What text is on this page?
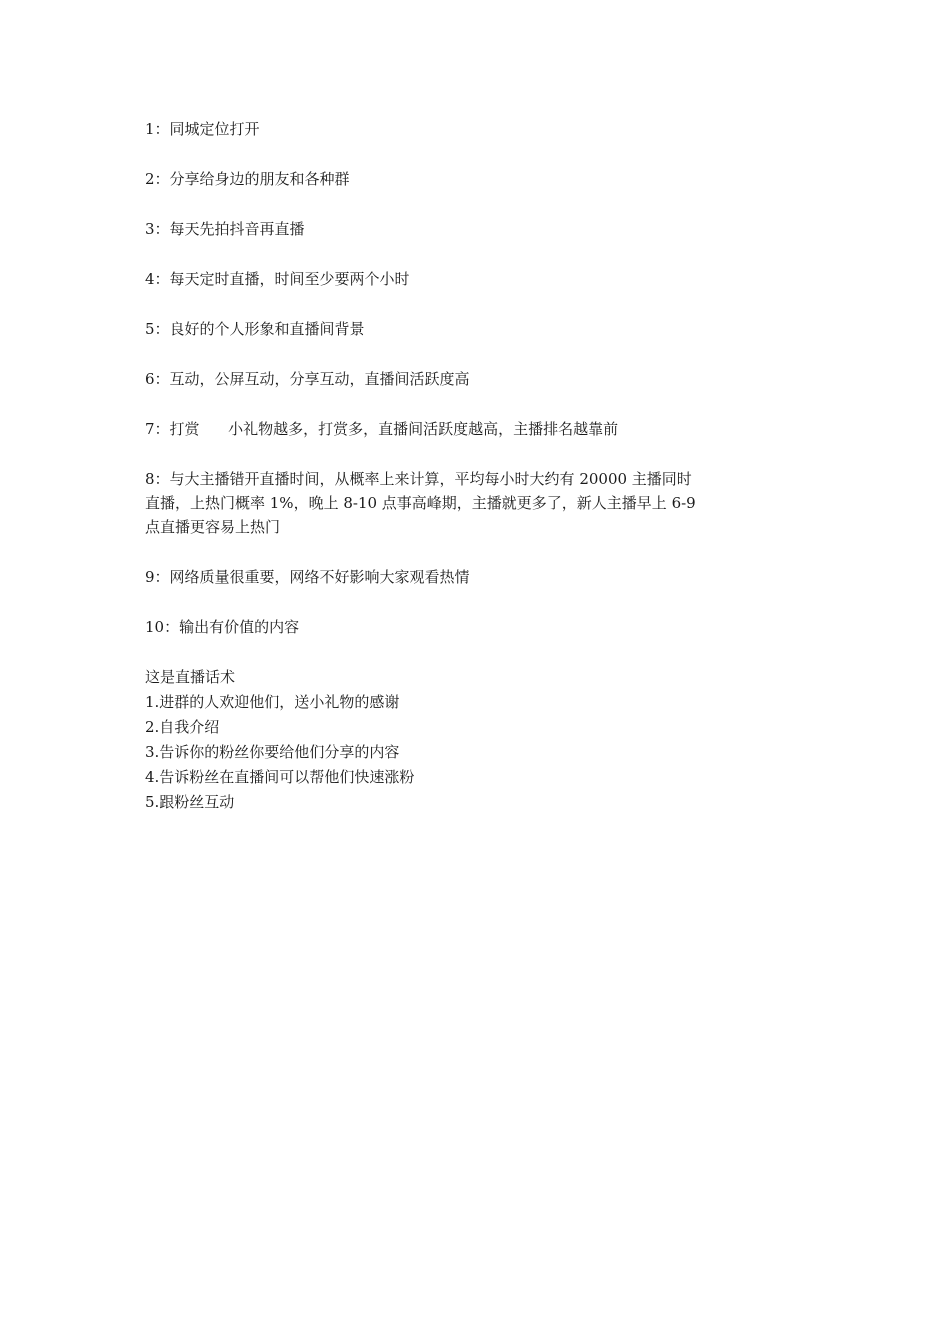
1：同城定位打开

2：分享给身边的朋友和各种群

3：每天先拍抖音再直播

4：每天定时直播，时间至少要两个小时

5：良好的个人形象和直播间背景

6：互动，公屏互动，分享互动，直播间活跃度高

7：打赏      小礼物越多，打赏多，直播间活跃度越高，主播排名越靠前

8：与大主播错开直播时间，从概率上来计算，平均每小时大约有 20000 主播同时直播，上热门概率 1%，晚上 8-10 点事高峰期，主播就更多了，新人主播早上 6-9 点直播更容易上热门

9：网络质量很重要，网络不好影响大家观看热情

10：输出有价值的内容

这是直播话术

1.进群的人欢迎他们，送小礼物的感谢

2.自我介绍

3.告诉你的粉丝你要给他们分享的内容

4.告诉粉丝在直播间可以帮他们快速涨粉

5.跟粉丝互动
